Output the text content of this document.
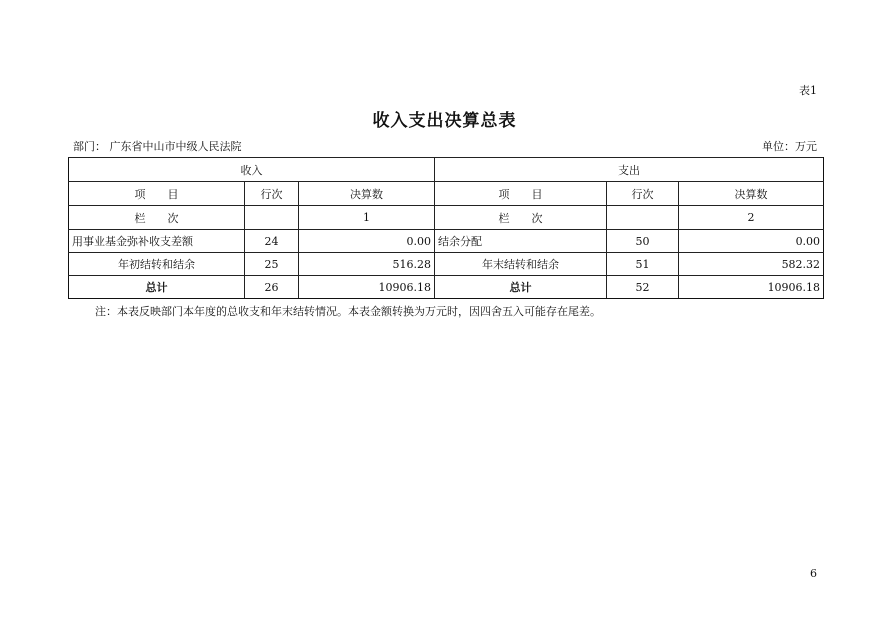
表1
收入支出决算总表
部门： 广东省中山市中级人民法院	单位：万元
收入			支出		
项　　目	行次	决算数	项　　目	行次	决算数
栏　　次		1	栏　　次		2
用事业基金弥补收支差额	24	0.00	结余分配	50	0.00
年初结转和结余	25	516.28	年末结转和结余	51	582.32
总计	26	10906.18	总计	52	10906.18
注：本表反映部门本年度的总收支和年末结转情况。本表金额转换为万元时，因四舍五入可能存在尾差。
6
